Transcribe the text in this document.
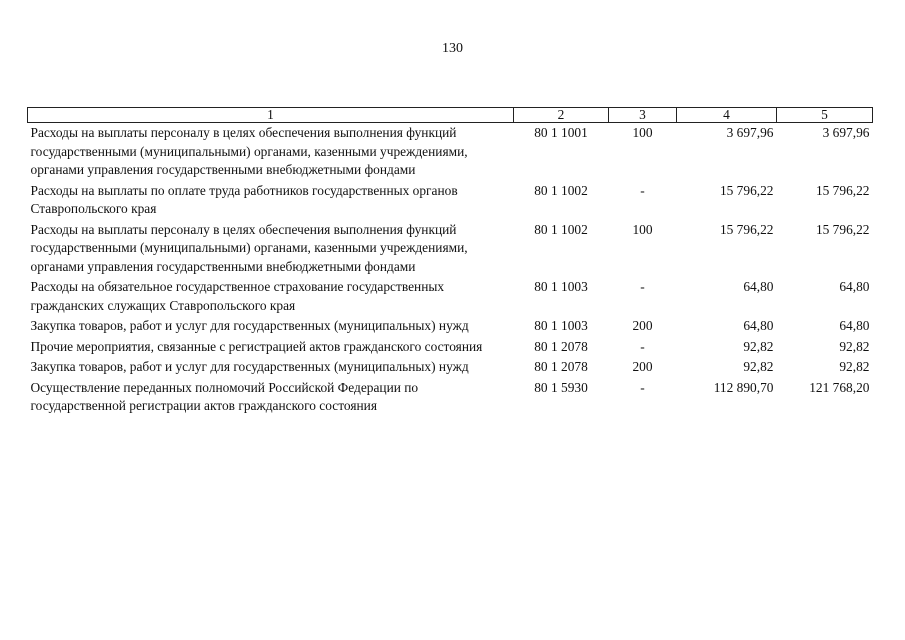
130
1	2	3	4	5
Расходы на выплаты персоналу в целях обеспечения выполнения функций государственными (муниципальными) органами, казенными учреждениями, органами управления государственными внебюджетными фондами	80 1 1001	100	3 697,96	3 697,96
Расходы на выплаты по оплате труда работников государственных органов Ставропольского края	80 1 1002	-	15 796,22	15 796,22
Расходы на выплаты персоналу в целях обеспечения выполнения функций государственными (муниципальными) органами, казенными учреждениями, органами управления государственными внебюджетными фондами	80 1 1002	100	15 796,22	15 796,22
Расходы на обязательное государственное страхование государственных гражданских служащих Ставропольского края	80 1 1003	-	64,80	64,80
Закупка товаров, работ и услуг для государственных (муниципальных) нужд	80 1 1003	200	64,80	64,80
Прочие мероприятия, связанные с регистрацией актов гражданского состояния	80 1 2078	-	92,82	92,82
Закупка товаров, работ и услуг для государственных (муниципальных) нужд	80 1 2078	200	92,82	92,82
Осуществление переданных полномочий Российской Федерации по государственной регистрации актов гражданского состояния	80 1 5930	-	112 890,70	121 768,20
